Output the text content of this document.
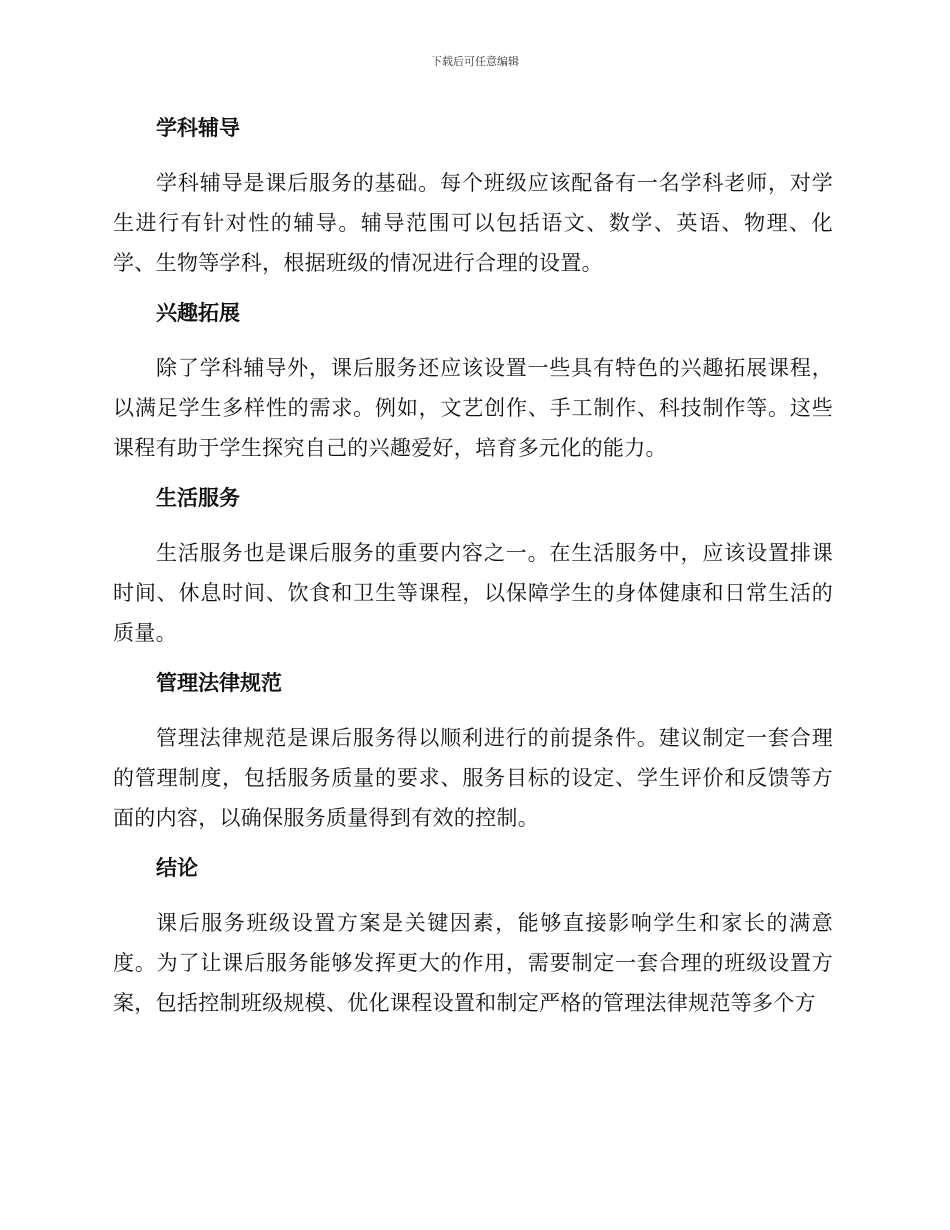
下载后可任意编辑
学科辅导

学科辅导是课后服务的基础。每个班级应该配备有一名学科老师，对学生进行有针对性的辅导。辅导范围可以包括语文、数学、英语、物理、化学、生物等学科，根据班级的情况进行合理的设置。

兴趣拓展

除了学科辅导外，课后服务还应该设置一些具有特色的兴趣拓展课程，以满足学生多样性的需求。例如，文艺创作、手工制作、科技制作等。这些课程有助于学生探究自己的兴趣爱好，培育多元化的能力。

生活服务

生活服务也是课后服务的重要内容之一。在生活服务中，应该设置排课时间、休息时间、饮食和卫生等课程，以保障学生的身体健康和日常生活的质量。

管理法律规范

管理法律规范是课后服务得以顺利进行的前提条件。建议制定一套合理的管理制度，包括服务质量的要求、服务目标的设定、学生评价和反馈等方面的内容，以确保服务质量得到有效的控制。

结论

课后服务班级设置方案是关键因素，能够直接影响学生和家长的满意度。为了让课后服务能够发挥更大的作用，需要制定一套合理的班级设置方案，包括控制班级规模、优化课程设置和制定严格的管理法律规范等多个方
